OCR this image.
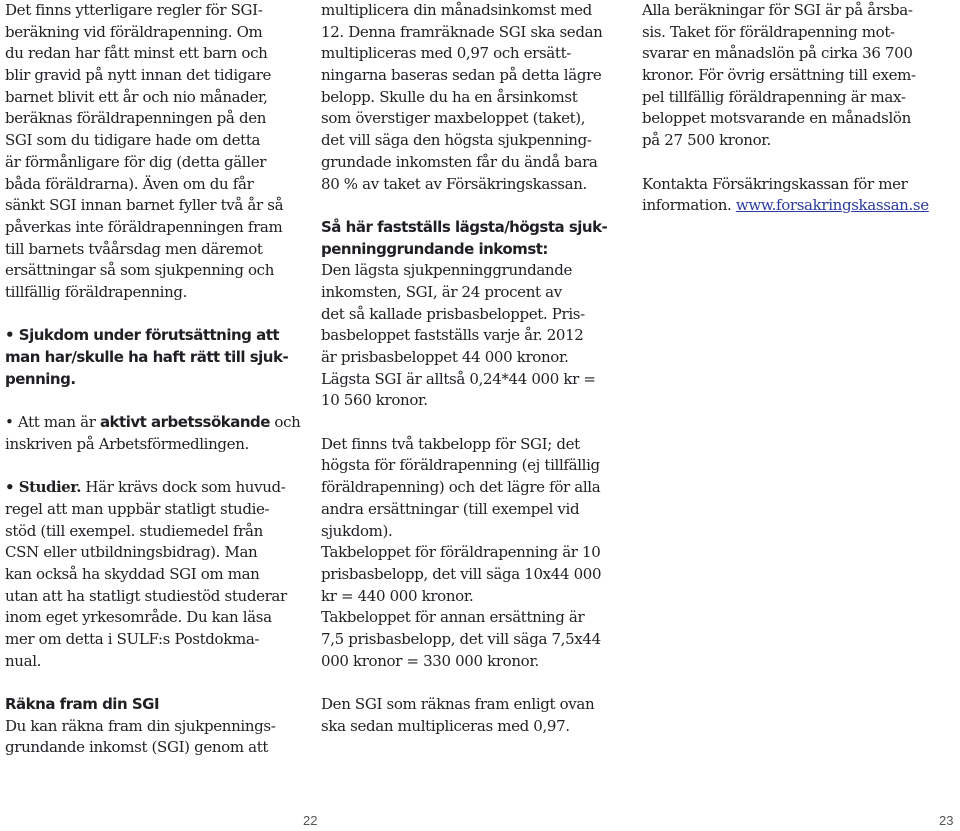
Det finns ytterligare regler för SGI-
beräkning vid föräldrapenning. Om
du redan har fått minst ett barn och
blir gravid på nytt innan det tidigare
barnet blivit ett år och nio månader,
beräknas föräldrapenningen på den
SGI som du tidigare hade om detta
är förmånligare för dig (detta gäller
båda föräldrarna). Även om du får
sänkt SGI innan barnet fyller två år så
påverkas inte föräldrapenningen fram
till barnets tvåårsdag men däremot
ersättningar så som sjukpenning och
tillfällig föräldrapenning.
• Sjukdom under förutsättning att
man har/skulle ha haft rätt till sjuk-
penning.
• Att man är aktivt arbetssökande och
inskriven på Arbetsförmedlingen.
• Studier. Här krävs dock som huvud-
regel att man uppbär statligt studie-
stöd (till exempel. studiemedel från
CSN eller utbildningsbidrag). Man
kan också ha skyddad SGI om man
utan att ha statligt studiestöd studerar
inom eget yrkesområde. Du kan läsa
mer om detta i SULF:s Postdokma-
nual.
Räkna fram din SGI
Du kan räkna fram din sjukpennings-
grundande inkomst (SGI) genom att
multiplicera din månadsinkomst med
12. Denna framräknade SGI ska sedan
multipliceras med 0,97 och ersätt-
ningarna baseras sedan på detta lägre
belopp. Skulle du ha en årsinkomst
som överstiger maxbeloppet (taket),
det vill säga den högsta sjukpenning-
grundade inkomsten får du ändå bara
80 % av taket av Försäkringskassan.
Så här fastställs lägsta/högsta sjuk-
penninggrundande inkomst:
Den lägsta sjukpenninggrundande
inkomsten, SGI, är 24 procent av
det så kallade prisbasbeloppet. Pris-
basbeloppet fastställs varje år. 2012
är prisbasbeloppet 44 000 kronor.
Lägsta SGI är alltså 0,24*44 000 kr =
10 560 kronor.
Det finns två takbelopp för SGI; det
högsta för föräldrapenning (ej tillfällig
föräldrapenning) och det lägre för alla
andra ersättningar (till exempel vid
sjukdom).
Takbeloppet för föräldrapenning är 10
prisbasbelopp, det vill säga 10x44 000
kr = 440 000 kronor.
Takbeloppet för annan ersättning är
7,5 prisbasbelopp, det vill säga 7,5x44
000 kronor = 330 000 kronor.
Den SGI som räknas fram enligt ovan
ska sedan multipliceras med 0,97.
Alla beräkningar för SGI är på årsba-
sis. Taket för föräldrapenning mot-
svarar en månadslön på cirka 36 700
kronor. För övrig ersättning till exem-
pel tillfällig föräldrapenning är max-
beloppet motsvarande en månadslön
på 27 500 kronor.
Kontakta Försäkringskassan för mer
information. www.forsakringskassan.se
22	23
